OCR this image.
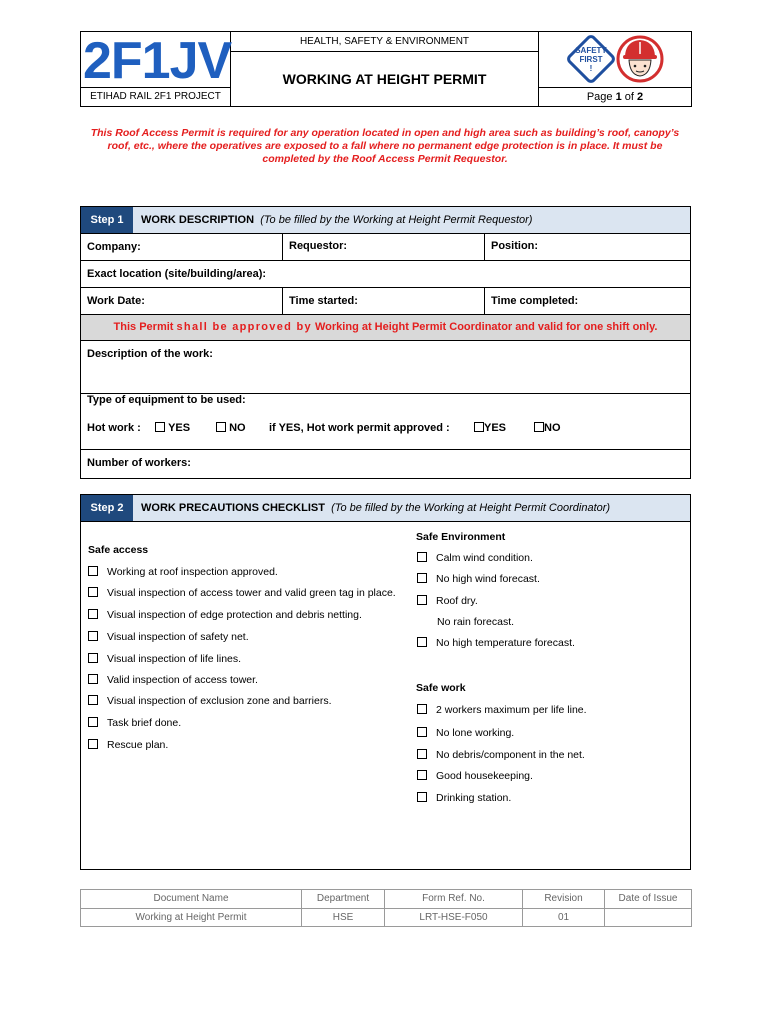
2F1JV
ETIHAD RAIL 2F1 PROJECT
HEALTH, SAFETY & ENVIRONMENT
WORKING AT HEIGHT PERMIT
SAFETY
FIRST
!
Page 1 of 2
This Roof Access Permit is required for any operation located in open and high area such as building’s roof, canopy’s roof, etc., where the operatives are exposed to a fall where no permanent edge protection is in place. It must be completed by the Roof Access Permit Requestor.
Step 1	WORK DESCRIPTION (To be filled by the Working at Height Permit Requestor)
Company:	Requestor:	Position:
Exact location (site/building/area):
Work Date:	Time started:	Time completed:
This Permit shall be approved by Working at Height Permit Coordinator and valid for one shift only.
Description of the work:
Type of equipment to be used:
Hot work :	YES	NO if YES, Hot work permit approved :	YES	NO
Number of workers:
Step 2	WORK PRECAUTIONS CHECKLIST (To be filled by the Working at Height Permit Coordinator)
Safe access
Working at roof inspection approved.
Visual inspection of access tower and valid green tag in place.
Visual inspection of edge protection and debris netting.
Visual inspection of safety net.
Visual inspection of life lines.
Valid inspection of access tower.
Visual inspection of exclusion zone and barriers.
Task brief done.
Rescue plan.
Safe Environment
Calm wind condition.
No high wind forecast.
Roof dry.
No rain forecast.
No high temperature forecast.
Safe work
2 workers maximum per life line.
No lone working.
No debris/component in the net.
Good housekeeping.
Drinking station.
Document Name	Department	Form Ref. No.	Revision	Date of Issue
Working at Height Permit	HSE	LRT-HSE-F050	01
